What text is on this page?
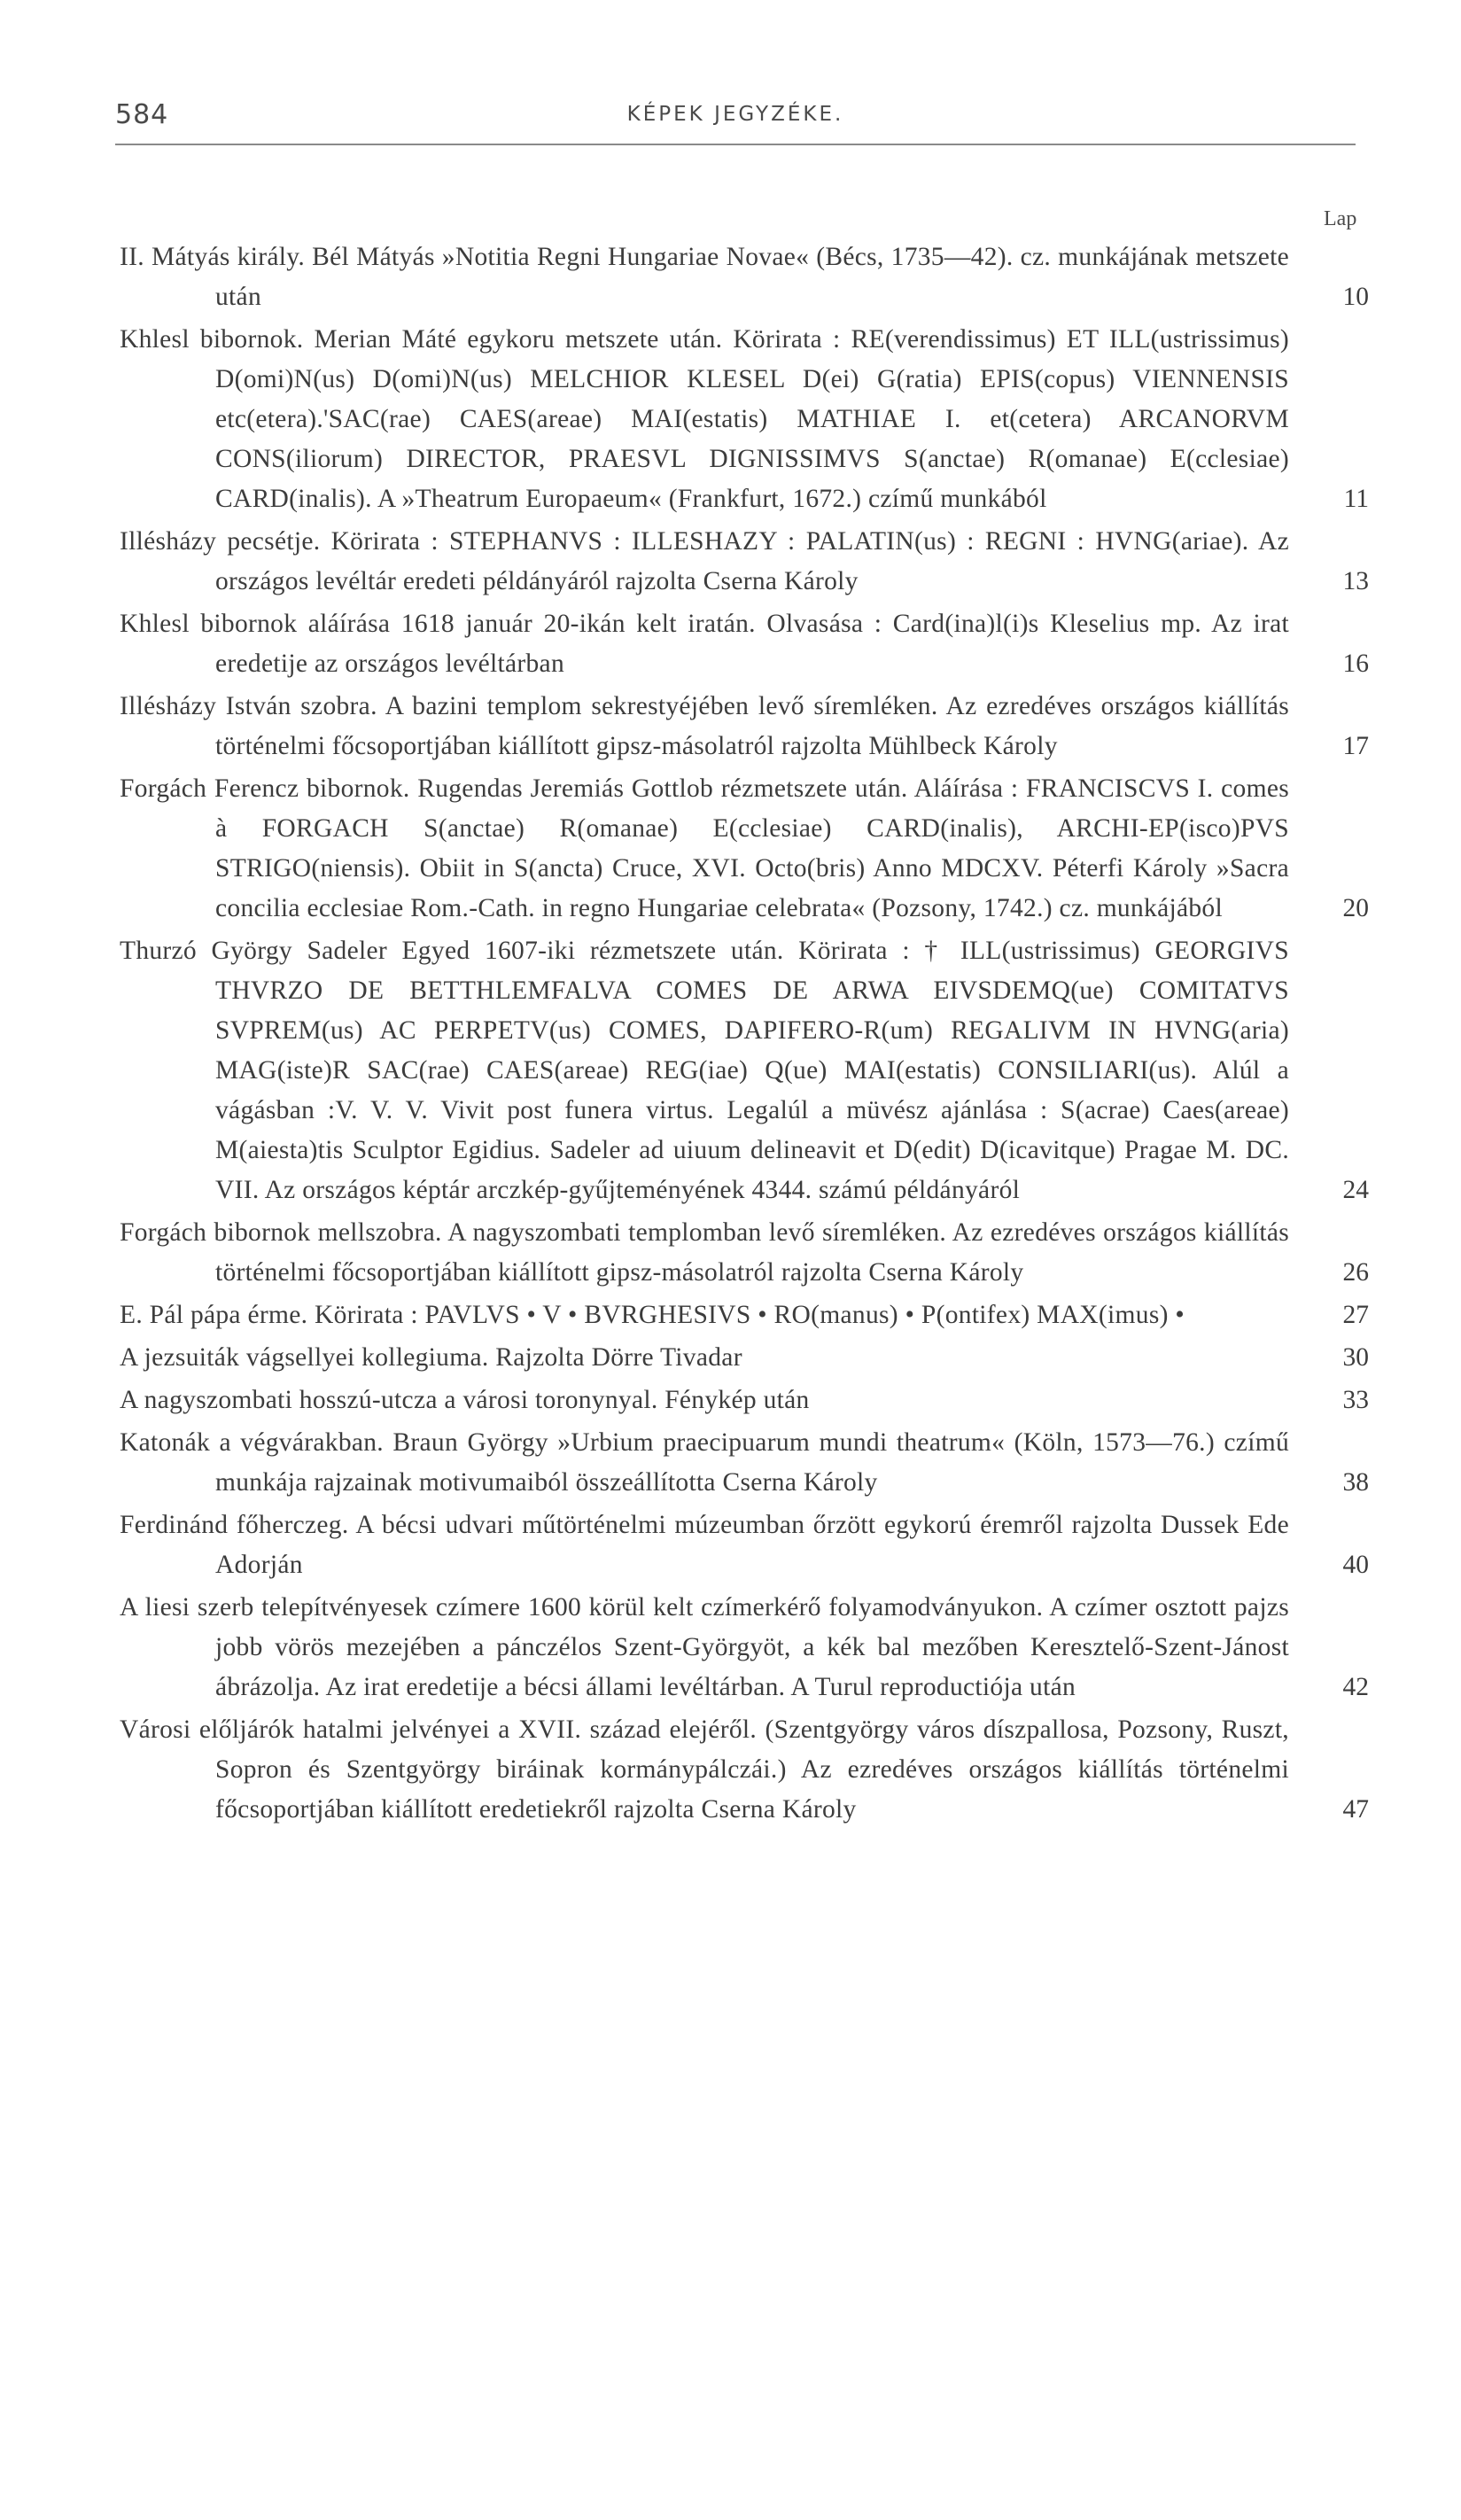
584	KÉPEK JEGYZÉKE.
Lap
II. Mátyás király. Bél Mátyás »Notitia Regni Hungariae Novae« (Bécs, 1735—42). cz. munkájának metszete után	10
Khlesl bibornok. Merian Máté egykoru metszete után. Körirata : RE(verendissimus) ET ILL(ustrissimus) D(omi)N(us) D(omi)N(us) MELCHIOR KLESEL D(ei) G(ratia) EPIS(copus) VIENNENSIS etc(etera).'SAC(rae) CAES(areae) MAI(estatis) MATHIAE I. et(cetera) ARCANORVM CONS(iliorum) DIRECTOR, PRAESVL DIGNISSIMVS S(anctae) R(omanae) E(cclesiae) CARD(inalis). A »Theatrum Europaeum« (Frankfurt, 1672.) czímű munkából	11
Illésházy pecsétje. Körirata : STEPHANVS : ILLESHAZY : PALATIN(us) : REGNI : HVNG(ariae). Az országos levéltár eredeti példányáról rajzolta Cserna Károly	13
Khlesl bibornok aláírása 1618 január 20-ikán kelt iratán. Olvasása : Card(ina)l(i)s Kleselius mp. Az irat eredetije az országos levéltárban	16
Illésházy István szobra. A bazini templom sekrestyéjében levő síremléken. Az ezredéves országos kiállítás történelmi főcsoportjában kiállított gipsz-másolatról rajzolta Mühlbeck Károly	17
Forgách Ferencz bibornok. Rugendas Jeremiás Gottlob rézmetszete után. Aláírása : FRANCISCVS I. comes à FORGACH S(anctae) R(omanae) E(cclesiae) CARD(inalis), ARCHI-EP(isco)PVS STRIGO(niensis). Obiit in S(ancta) Cruce, XVI. Octo(bris) Anno MDCXV. Péterfi Károly »Sacra concilia ecclesiae Rom.-Cath. in regno Hungariae celebrata« (Pozsony, 1742.) cz. munkájából	20
Thurzó György Sadeler Egyed 1607-iki rézmetszete után. Körirata : † ILL(ustrissimus) GEORGIVS THVRZO DE BETTHLEMFALVA COMES DE ARWA EIVSDEMQ(ue) COMITATVS SVPREM(us) AC PERPETV(us) COMES, DAPIFERO-R(um) REGALIVM IN HVNG(aria) MAG(iste)R SAC(rae) CAES(areae) REG(iae) Q(ue) MAI(estatis) CONSILIARI(us). Alúl a vágásban :V. V. V. Vivit post funera virtus. Legalúl a müvész ajánlása : S(acrae) Caes(areae) M(aiesta)tis Sculptor Egidius. Sadeler ad uiuum delineavit et D(edit) D(icavitque) Pragae M. DC. VII. Az országos képtár arczkép-gyűjteményének 4344. számú példányáról	24
Forgách bibornok mellszobra. A nagyszombati templomban levő síremléken. Az ezredéves országos kiállítás történelmi főcsoportjában kiállított gipsz-másolatról rajzolta Cserna Károly	26
E. Pál pápa érme. Körirata : PAVLVS • V • BVRGHESIVS • RO(manus) • P(ontifex) MAX(imus) •	27
A jezsuiták vágsellyei kollegiuma. Rajzolta Dörre Tivadar	30
A nagyszombati hosszú-utcza a városi toronynyal. Fénykép után	33
Katonák a végvárakban. Braun György »Urbium praecipuarum mundi theatrum« (Köln, 1573—76.) czímű munkája rajzainak motivumaiból összeállította Cserna Károly	38
Ferdinánd főherczeg. A bécsi udvari műtörténelmi múzeumban őrzött egykorú éremről rajzolta Dussek Ede Adorján	40
A liesi szerb telepítvényesek czímere 1600 körül kelt czímerkérő folyamodványukon. A czímer osztott pajzs jobb vörös mezejében a pánczélos Szent-Györgyöt, a kék bal mezőben Keresztelő-Szent-Jánost ábrázolja. Az irat eredetije a bécsi állami levéltárban. A Turul reproductiója után	42
Városi előljárók hatalmi jelvényei a XVII. század elejéről. (Szentgyörgy város díszpallosa, Pozsony, Ruszt, Sopron és Szentgyörgy biráinak kormánypálczái.) Az ezredéves országos kiállítás történelmi főcsoportjában kiállított eredetiekről rajzolta Cserna Károly	47
